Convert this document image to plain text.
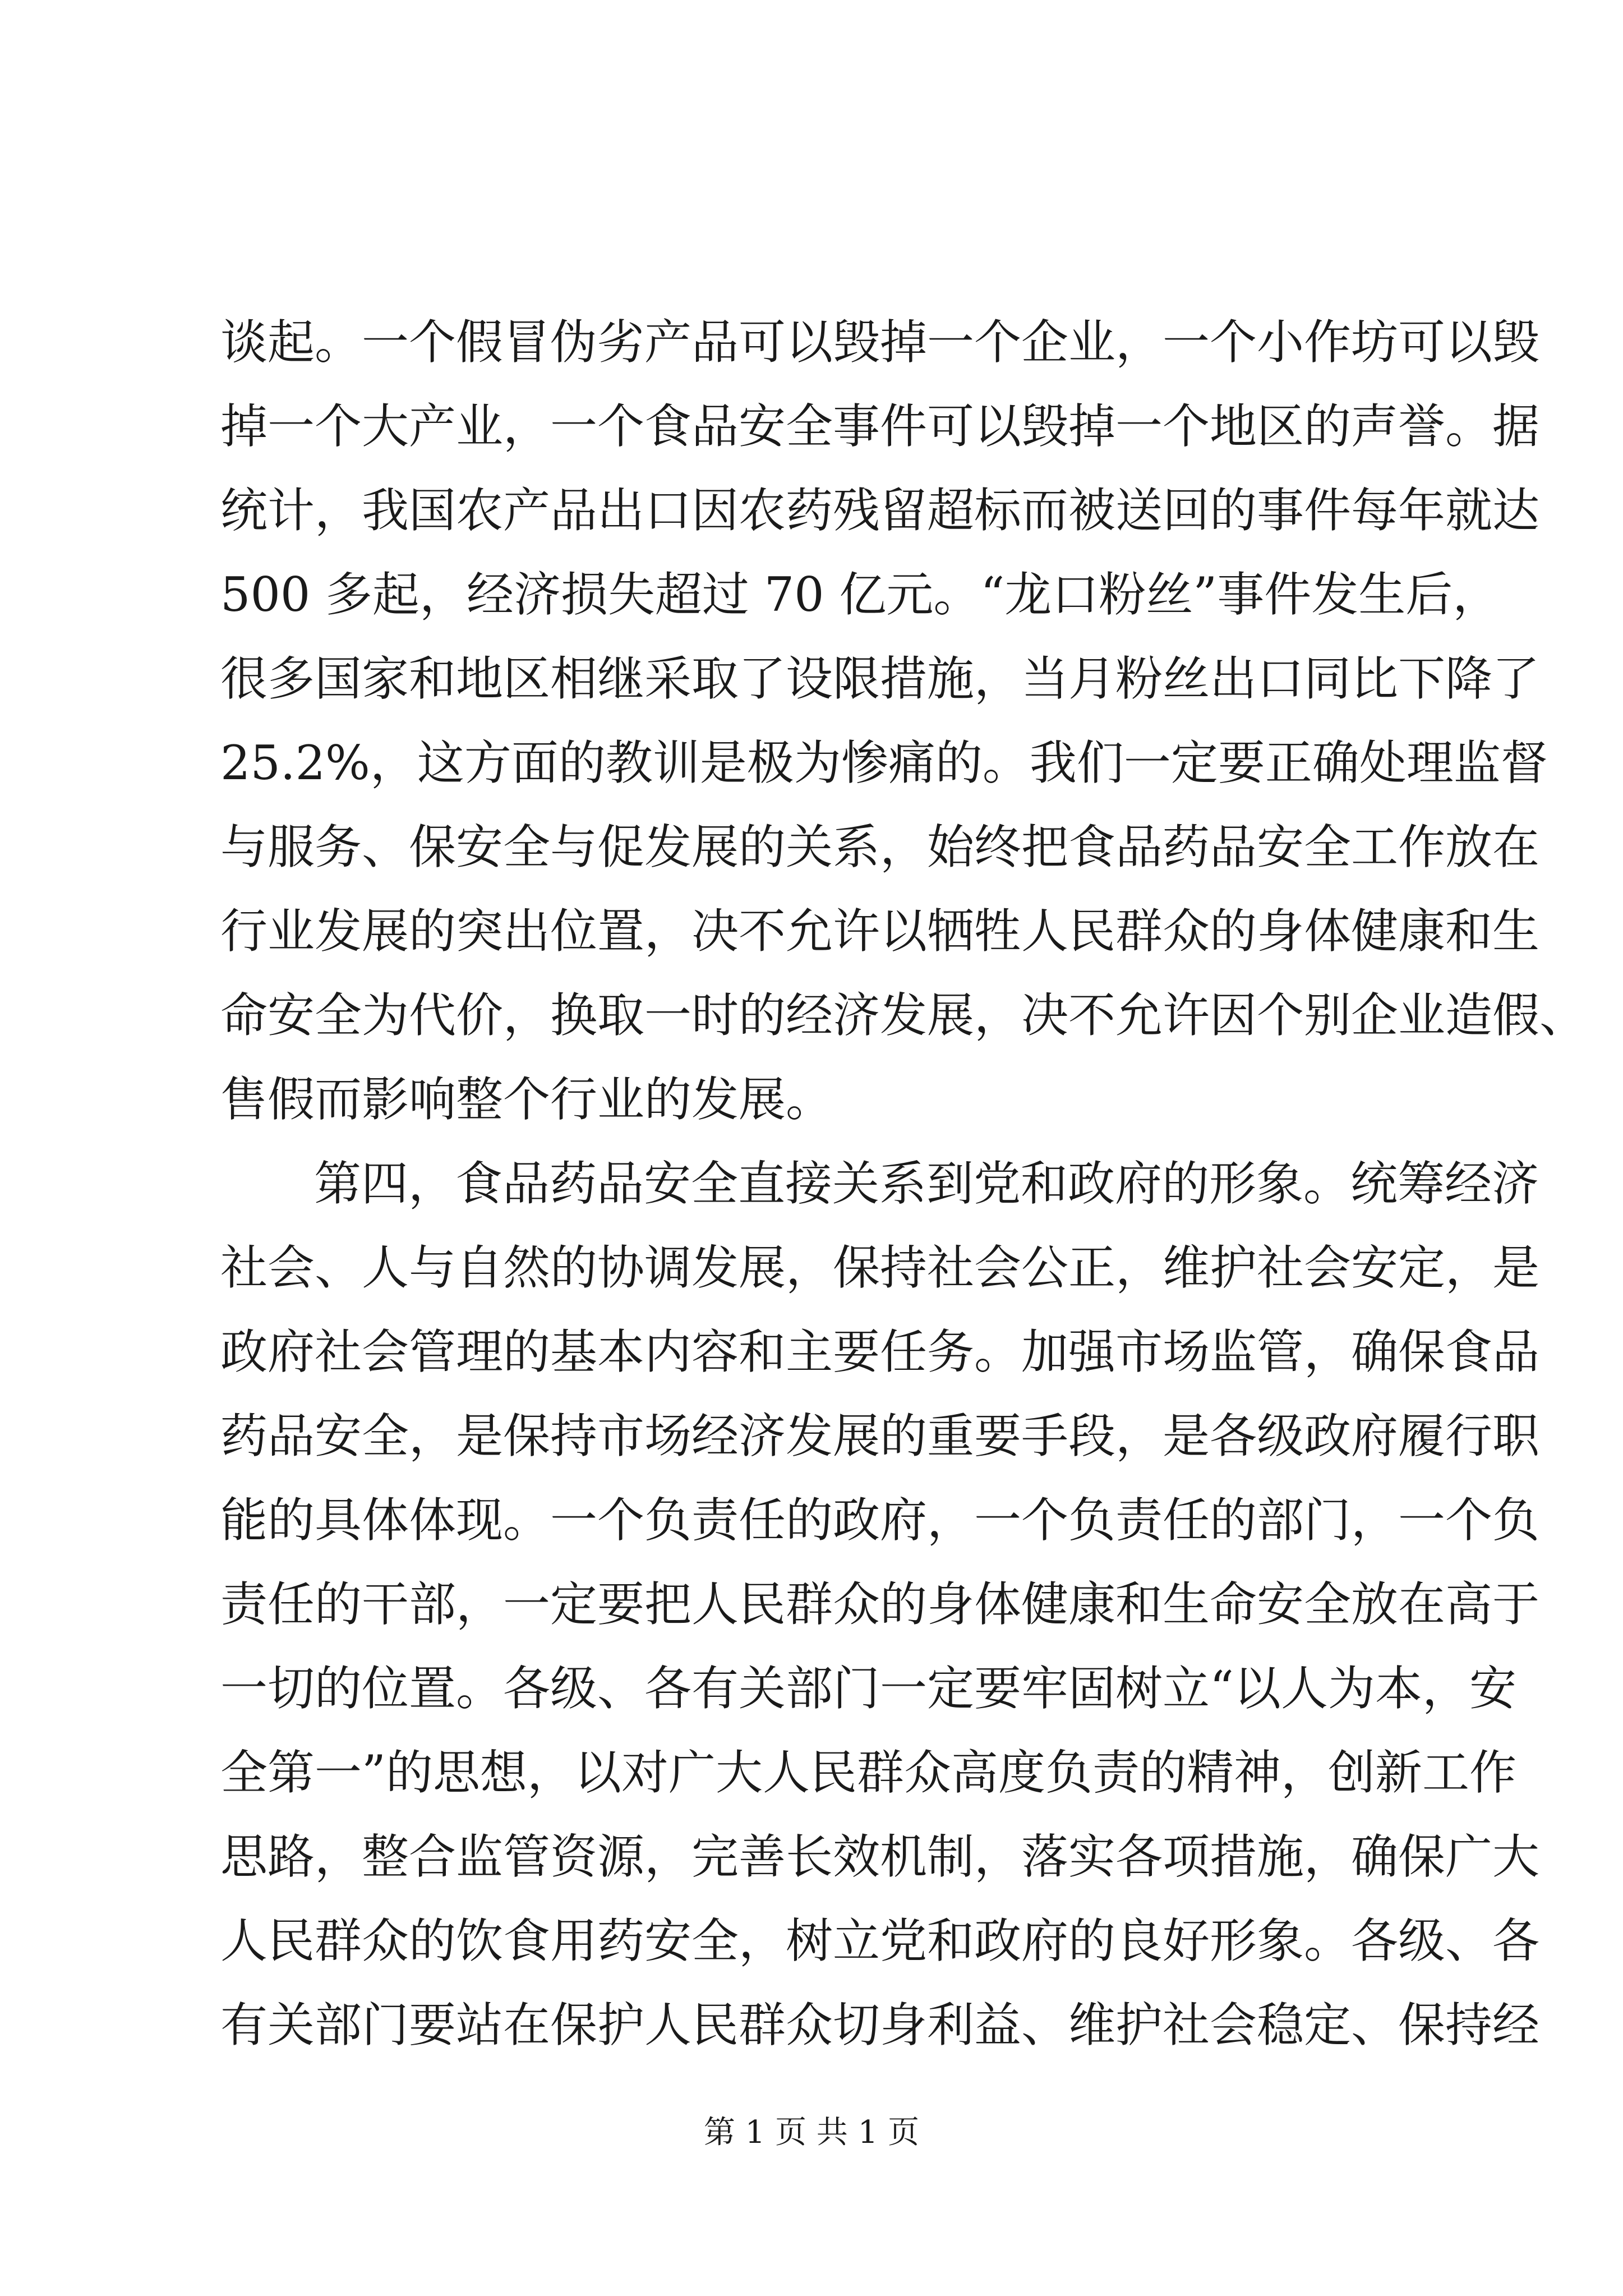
谈起。一个假冒伪劣产品可以毁掉一个企业，一个小作坊可以毁
掉一个大产业，一个食品安全事件可以毁掉一个地区的声誉。据
统计，我国农产品出口因农药残留超标而被送回的事件每年就达
500 多起，经济损失超过 70 亿元。“龙口粉丝”事件发生后，
很多国家和地区相继采取了设限措施，当月粉丝出口同比下降了
25.2%，这方面的教训是极为惨痛的。我们一定要正确处理监督
与服务、保安全与促发展的关系，始终把食品药品安全工作放在
行业发展的突出位置，决不允许以牺牲人民群众的身体健康和生
命安全为代价，换取一时的经济发展，决不允许因个别企业造假、
售假而影响整个行业的发展。
第四，食品药品安全直接关系到党和政府的形象。统筹经济
社会、人与自然的协调发展，保持社会公正，维护社会安定，是
政府社会管理的基本内容和主要任务。加强市场监管，确保食品
药品安全，是保持市场经济发展的重要手段，是各级政府履行职
能的具体体现。一个负责任的政府，一个负责任的部门，一个负
责任的干部，一定要把人民群众的身体健康和生命安全放在高于
一切的位置。各级、各有关部门一定要牢固树立“以人为本，安
全第一”的思想，以对广大人民群众高度负责的精神，创新工作
思路，整合监管资源，完善长效机制，落实各项措施，确保广大
人民群众的饮食用药安全，树立党和政府的良好形象。各级、各
有关部门要站在保护人民群众切身利益、维护社会稳定、保持经
第 1 页 共 1 页
